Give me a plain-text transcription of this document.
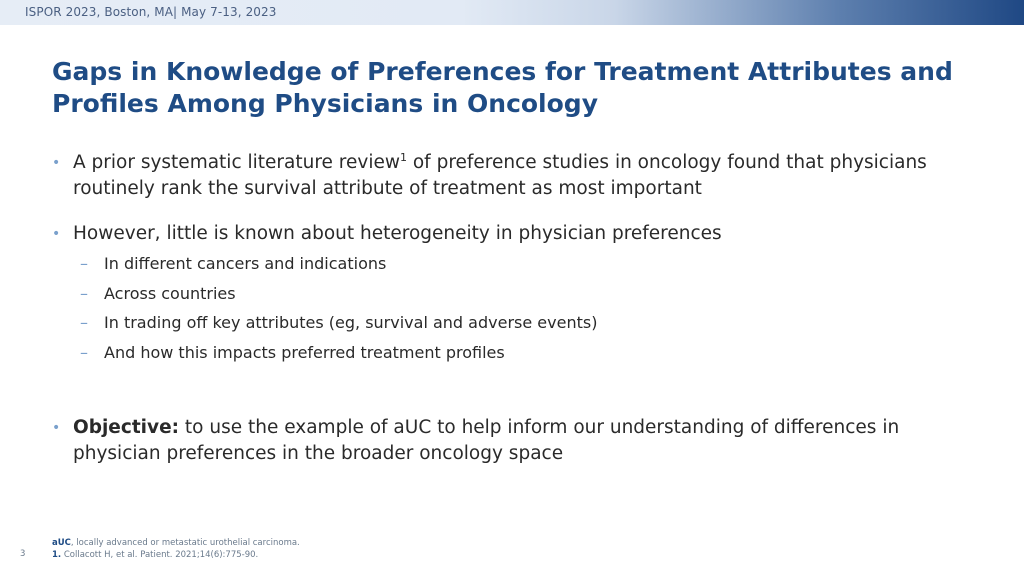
ISPOR 2023, Boston, MA| May 7-13, 2023
Gaps in Knowledge of Preferences for Treatment Attributes and
Profiles Among Physicians in Oncology
• A prior systematic literature review$^1$ of preference studies in oncology found that physicians routinely rank the survival attribute of treatment as most important
• However, little is known about heterogeneity in physician preferences
– In different cancers and indications
– Across countries
– In trading off key attributes (eg, survival and adverse events)
– And how this impacts preferred treatment profiles
• Objective: to use the example of aUC to help inform our understanding of differences in physician preferences in the broader oncology space
aUC, locally advanced or metastatic urothelial carcinoma.
1. Collacott H, et al. Patient. 2021;14(6):775-90.
3
